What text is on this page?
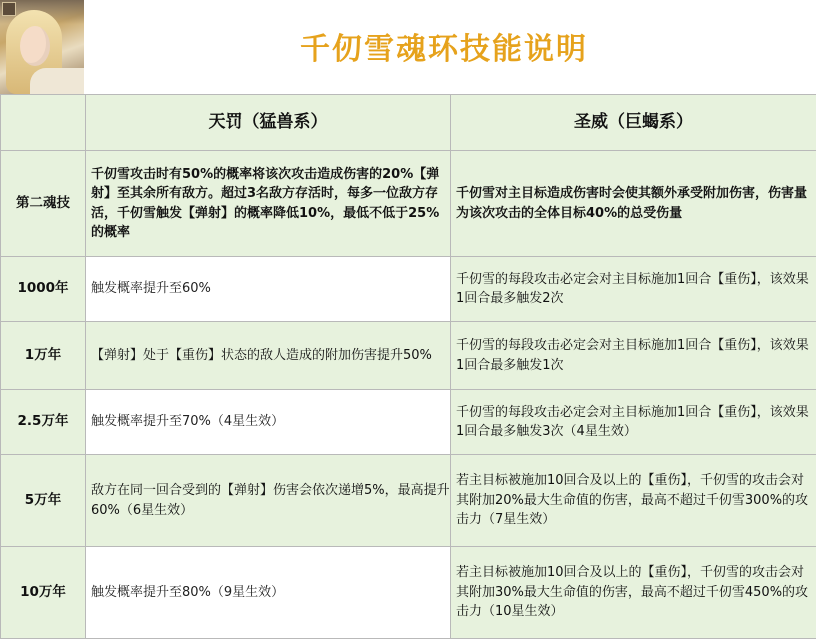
千仞雪魂环技能说明
	天罚（猛兽系）	圣威（巨蝎系）
第二魂技	千仞雪攻击时有50%的概率将该次攻击造成伤害的20%【弹射】至其余所有敌方。超过3名敌方存活时，每多一位敌方存活，千仞雪触发【弹射】的概率降低10%，最低不低于25%的概率	千仞雪对主目标造成伤害时会使其额外承受附加伤害，伤害量为该次攻击的全体目标40%的总受伤量
1000年	触发概率提升至60%	千仞雪的每段攻击必定会对主目标施加1回合【重伤】，该效果1回合最多触发2次
1万年	【弹射】处于【重伤】状态的敌人造成的附加伤害提升50%	千仞雪的每段攻击必定会对主目标施加1回合【重伤】，该效果1回合最多触发1次
2.5万年	触发概率提升至70%（4星生效）	千仞雪的每段攻击必定会对主目标施加1回合【重伤】，该效果1回合最多触发3次（4星生效）
5万年	敌方在同一回合受到的【弹射】伤害会依次递增5%，最高提升60%（6星生效）	若主目标被施加10回合及以上的【重伤】，千仞雪的攻击会对其附加20%最大生命值的伤害，最高不超过千仞雪300%的攻击力（7星生效）
10万年	触发概率提升至80%（9星生效）	若主目标被施加10回合及以上的【重伤】，千仞雪的攻击会对其附加30%最大生命值的伤害，最高不超过千仞雪450%的攻击力（10星生效）
